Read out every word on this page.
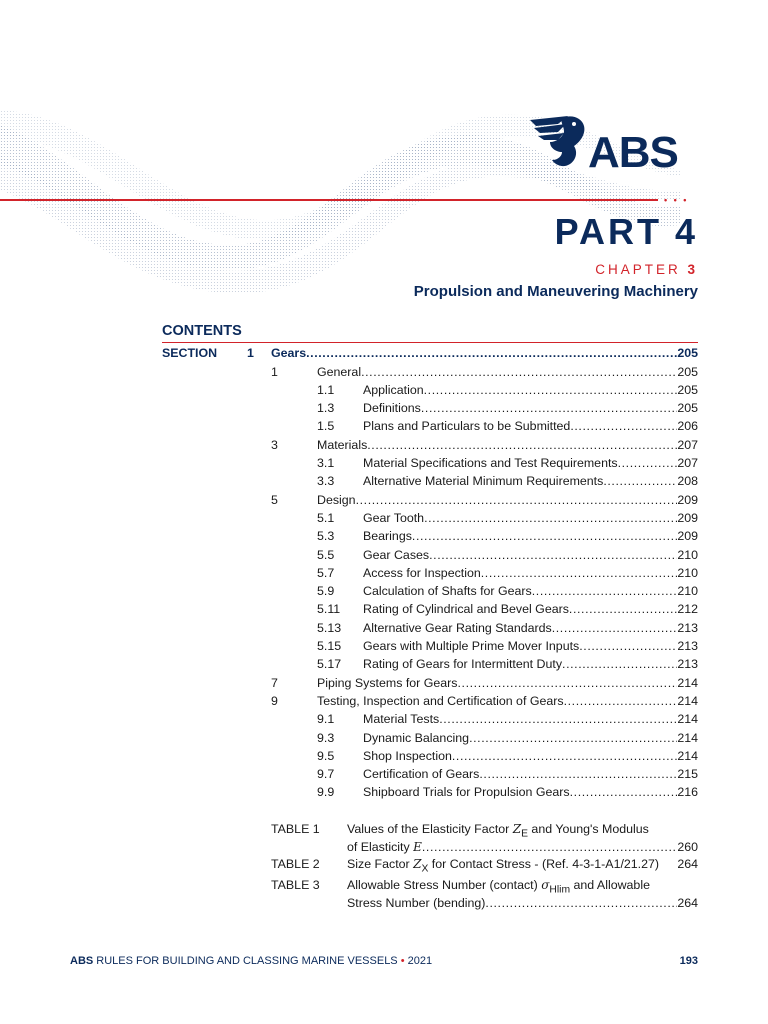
• • •
ABS
PART 4
CHAPTER 3
Propulsion and Maneuvering Machinery
CONTENTS
SECTION 1 Gears .....	205
1	General .....	205
1.1 Application .....	205
1.3 Definitions .....	205
1.5 Plans and Particulars to be Submitted .....	206
3	Materials .....	207
3.1 Material Specifications and Test Requirements .....	207
3.3 Alternative Material Minimum Requirements .....	208
5	Design .....	209
5.1 Gear Tooth .....	209
5.3 Bearings .....	209
5.5 Gear Cases .....	210
5.7 Access for Inspection .....	210
5.9 Calculation of Shafts for Gears .....	210
5.11 Rating of Cylindrical and Bevel Gears .....	212
5.13 Alternative Gear Rating Standards .....	213
5.15 Gears with Multiple Prime Mover Inputs .....	213
5.17 Rating of Gears for Intermittent Duty .....	213
7	Piping Systems for Gears .....	214
9	Testing, Inspection and Certification of Gears .....	214
9.1 Material Tests .....	214
9.3 Dynamic Balancing .....	214
9.5 Shop Inspection .....	214
9.7 Certification of Gears .....	215
9.9 Shipboard Trials for Propulsion Gears .....	216
TABLE 1 Values of the Elasticity Factor $Z_E$ and Young's Modulus
of Elasticity E .....	260
TABLE 2 Size Factor $Z_X$ for Contact Stress - (Ref. 4-3-1-A1/21.27) 264
TABLE 3 Allowable Stress Number (contact) $\sigma_{Hlim}$ and Allowable
Stress Number (bending) .....	264
ABS RULES FOR BUILDING AND CLASSING MARINE VESSELS • 2021	193
